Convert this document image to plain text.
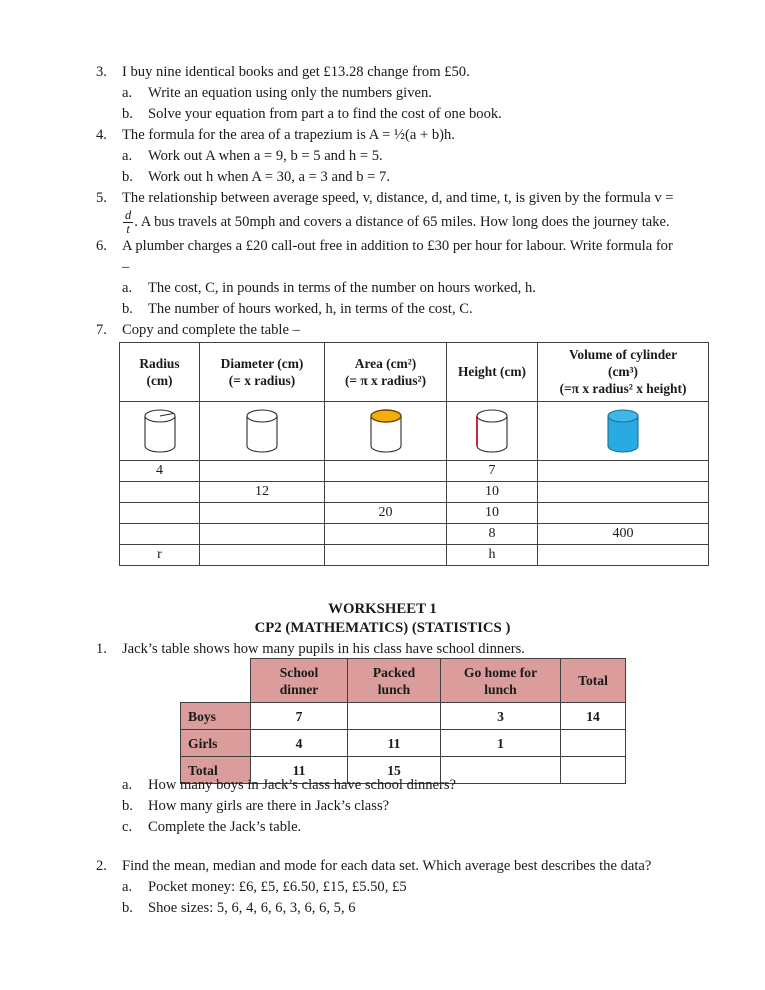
3.	I buy nine identical books and get £13.28 change from £50.
a.	Write an equation using only the numbers given.
b.	Solve your equation from part a to find the cost of one book.
4.	The formula for the area of a trapezium is A = ½(a + b)h.
a.	Work out A when a = 9, b = 5 and h = 5.
b.	Work out h when A = 30, a = 3 and b = 7.
5.	The relationship between average speed, v, distance, d, and time, t, is given by the formula v =

$\frac{d}{t}$ . A bus travels at 50mph and covers a distance of 65 miles. How long does the journey take.
6.	A plumber charges a £20 call-out free in addition to £30 per hour for labour. Write formula for
–
a.	The cost, C, in pounds in terms of the number on hours worked, h.
b.	The number of hours worked, h, in terms of the cost, C.
7.	Copy and complete the table –
Radius
(cm)

Diameter (cm)
(= x radius)

Area (cm²)
(= π x radius²)

Height (cm)

Volume of cylinder
(cm³)
(=π x radius² x height)

4			7	
	12		10	
		20	10	
			8	400
r			h	
WORKSHEET 1
CP2 (MATHEMATICS) (STATISTICS )
1.	Jack’s table shows how many pupils in his class have school dinners.

School
dinner

Packed
lunch

Go home for
lunch

Total

Boys	7		3	14
Girls	4	11	1	
Total	11	15		
a.	How many boys in Jack’s class have school dinners?
b.	How many girls are there in Jack’s class?
c.	Complete the Jack’s table.
2.	Find the mean, median and mode for each data set. Which average best describes the data?
a.	Pocket money: £6, £5, £6.50, £15, £5.50, £5
b.	Shoe sizes: 5, 6, 4, 6, 6, 3, 6, 6, 5, 6
